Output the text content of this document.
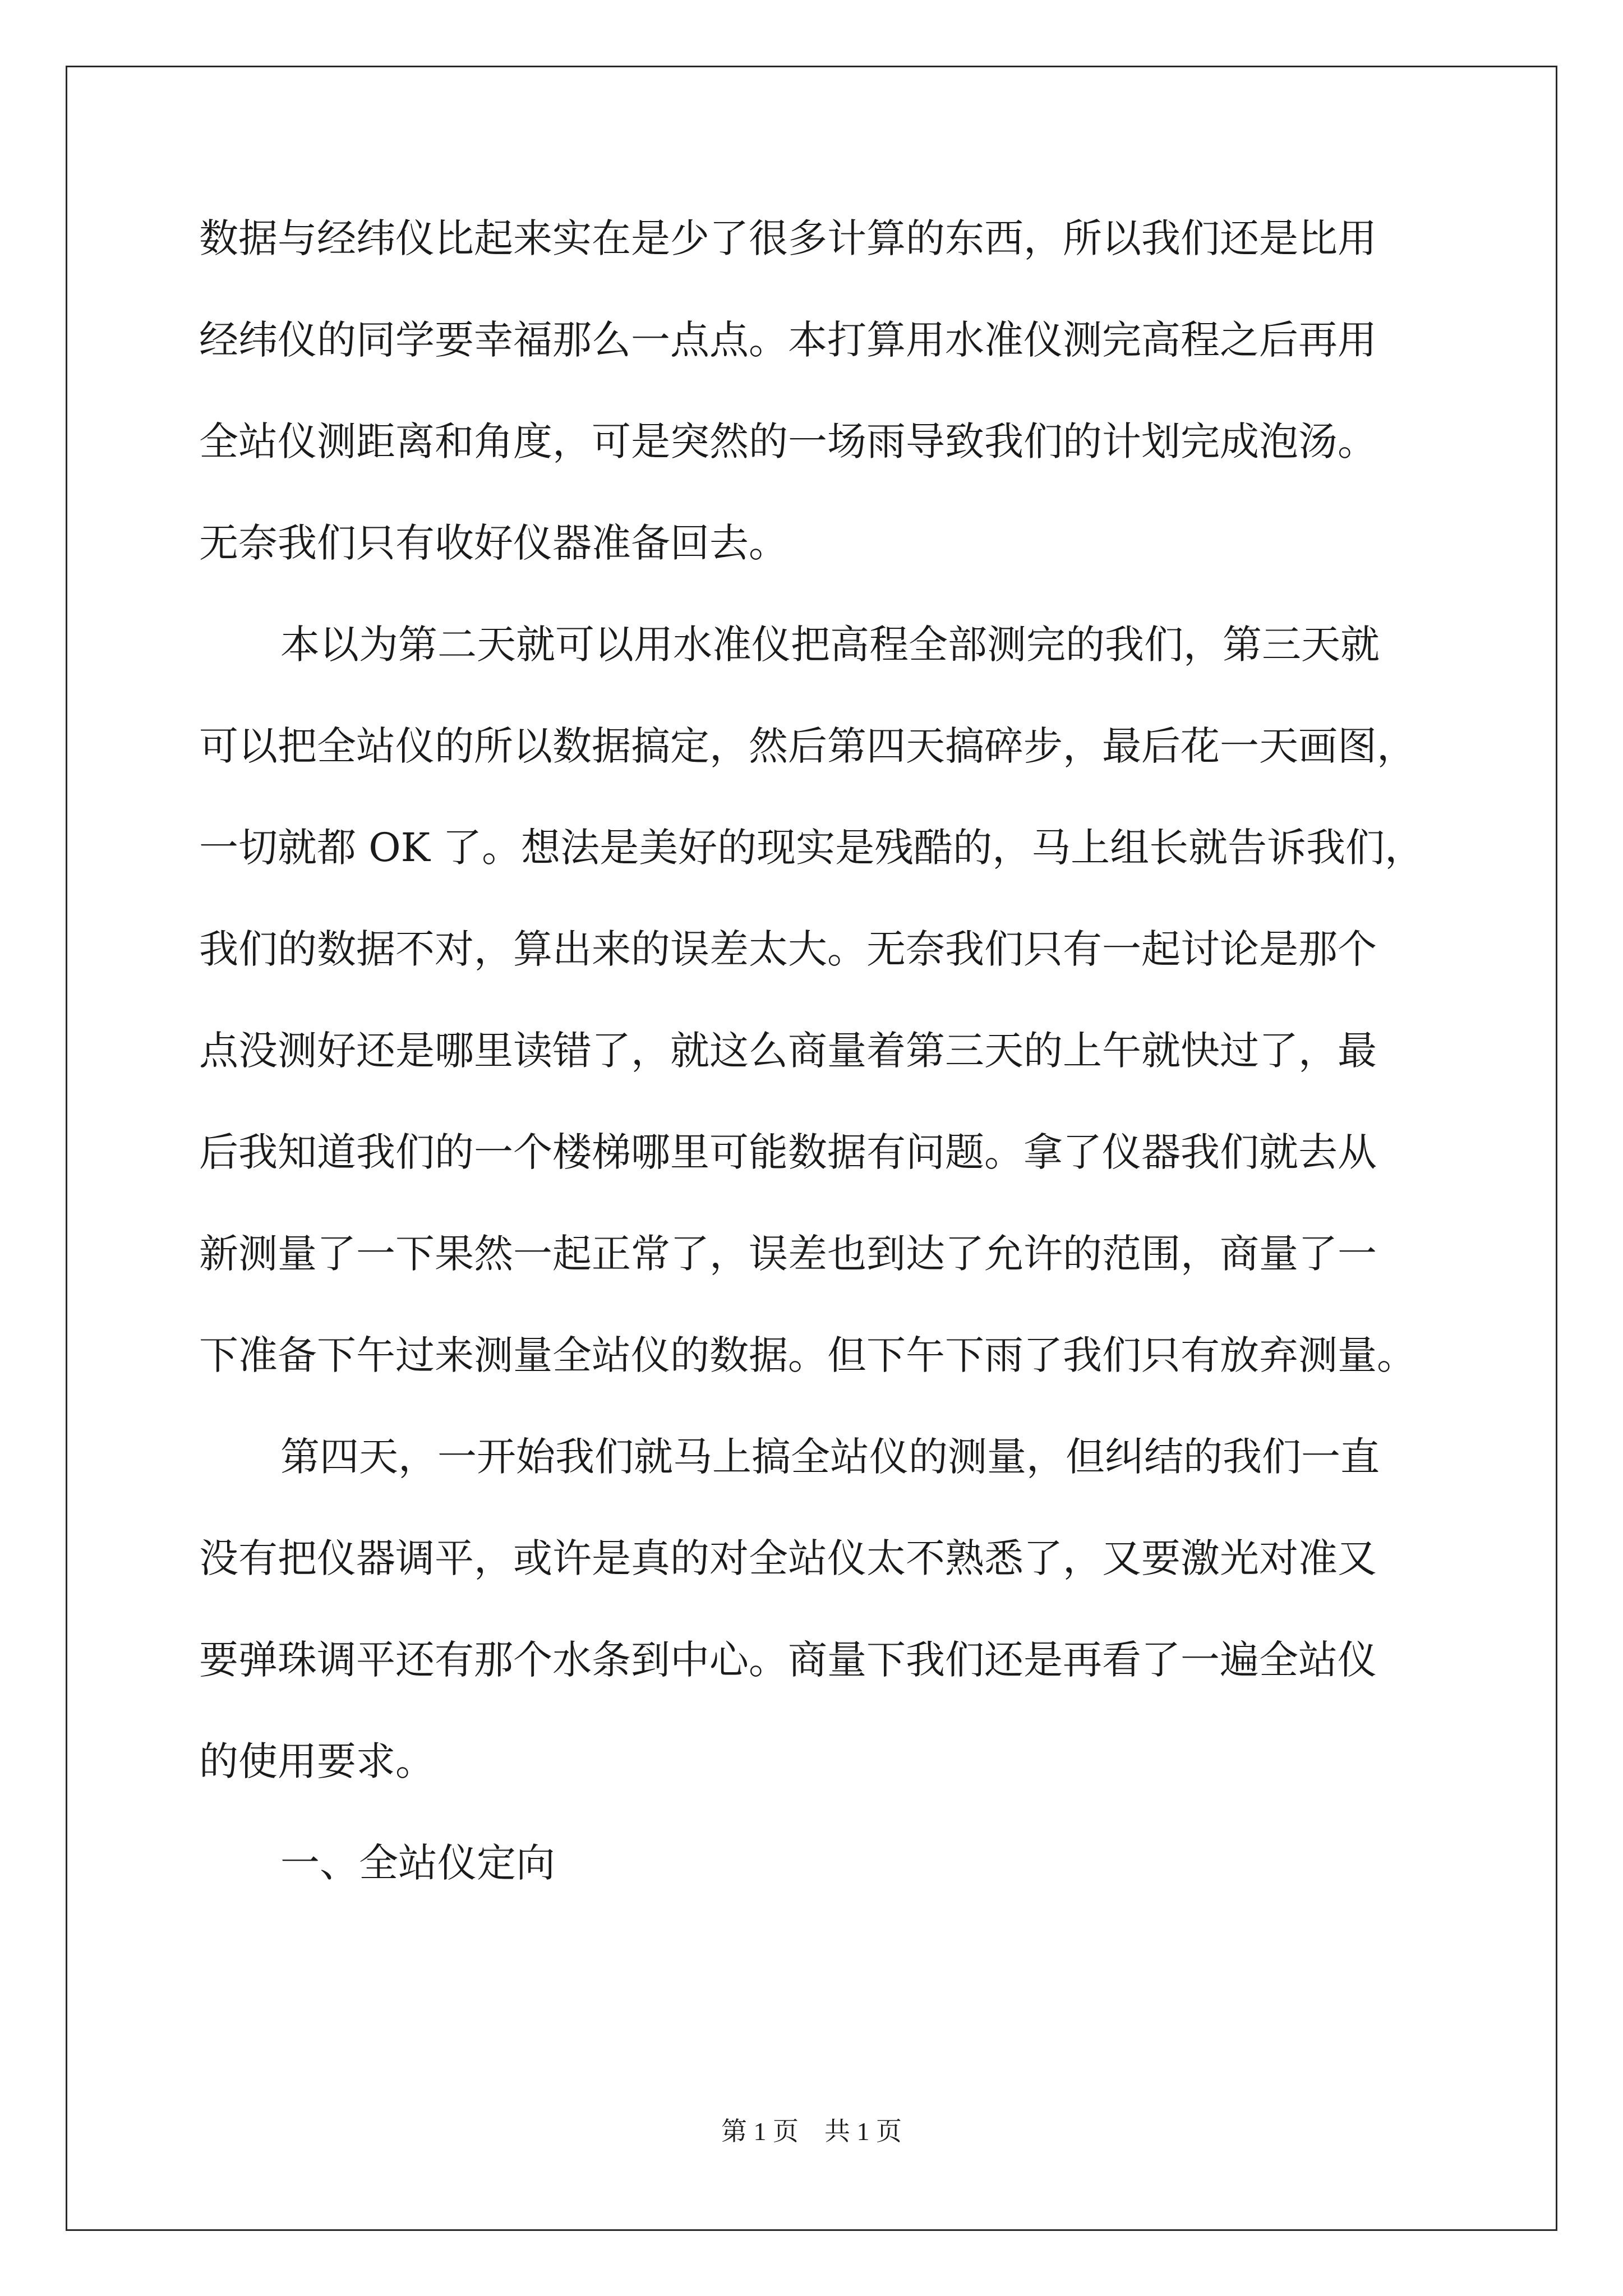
数据与经纬仪比起来实在是少了很多计算的东西，所以我们还是比用
经纬仪的同学要幸福那么一点点。本打算用水准仪测完高程之后再用
全站仪测距离和角度，可是突然的一场雨导致我们的计划完成泡汤。
无奈我们只有收好仪器准备回去。
本以为第二天就可以用水准仪把高程全部测完的我们，第三天就
可以把全站仪的所以数据搞定，然后第四天搞碎步，最后花一天画图，
一切就都 OK 了。想法是美好的现实是残酷的，马上组长就告诉我们，
我们的数据不对，算出来的误差太大。无奈我们只有一起讨论是那个
点没测好还是哪里读错了，就这么商量着第三天的上午就快过了，最
后我知道我们的一个楼梯哪里可能数据有问题。拿了仪器我们就去从
新测量了一下果然一起正常了，误差也到达了允许的范围，商量了一
下准备下午过来测量全站仪的数据。但下午下雨了我们只有放弃测量。
第四天，一开始我们就马上搞全站仪的测量，但纠结的我们一直
没有把仪器调平，或许是真的对全站仪太不熟悉了，又要激光对准又
要弹珠调平还有那个水条到中心。商量下我们还是再看了一遍全站仪
的使用要求。
一、全站仪定向
第 1 页    共 1 页
